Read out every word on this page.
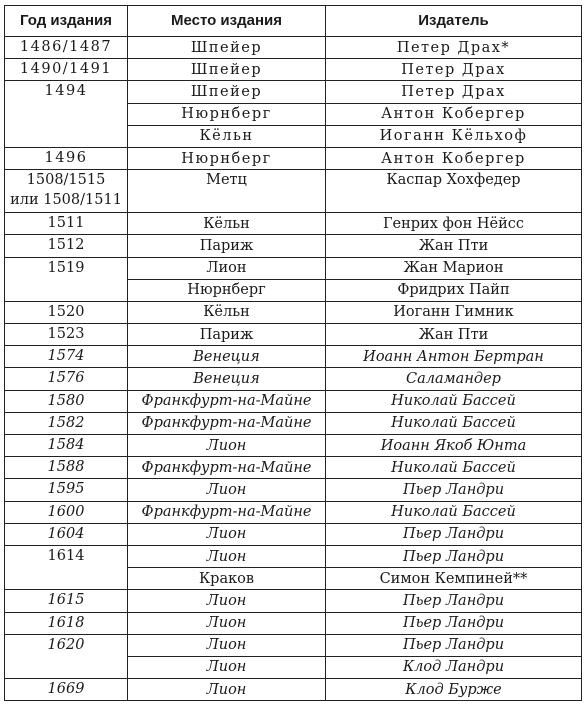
Год издания	Место издания	Издатель
1486/1487	Шпейер	Петер Драх*
1490/1491	Шпейер	Петер Драх
1494	Шпейер	Петер Драх
	Нюрнберг	Антон Кобергер
	Кёльн	Иоганн Кёльхоф
1496	Нюрнберг	Антон Кобергер
1508/1515
или 1508/1511	Метц	Каспар Хохфедер
1511	Кёльн	Генрих фон Нёйсс
1512	Париж	Жан Пти
1519	Лион	Жан Марион
	Нюрнберг	Фридрих Пайп
1520	Кёльн	Иоганн Гимник
1523	Париж	Жан Пти
1574	Венеция	Иоанн Антон Бертран
1576	Венеция	Саламандер
1580	Франкфурт-на-Майне	Николай Бассей
1582	Франкфурт-на-Майне	Николай Бассей
1584	Лион	Иоанн Якоб Юнта
1588	Франкфурт-на-Майне	Николай Бассей
1595	Лион	Пьер Ландри
1600	Франкфурт-на-Майне	Николай Бассей
1604	Лион	Пьер Ландри
1614	Лион	Пьер Ландри
	Краков	Симон Кемпиней**
1615	Лион	Пьер Ландри
1618	Лион	Пьер Ландри
1620	Лион	Пьер Ландри
	Лион	Клод Ландри
1669	Лион	Клод Бурже
